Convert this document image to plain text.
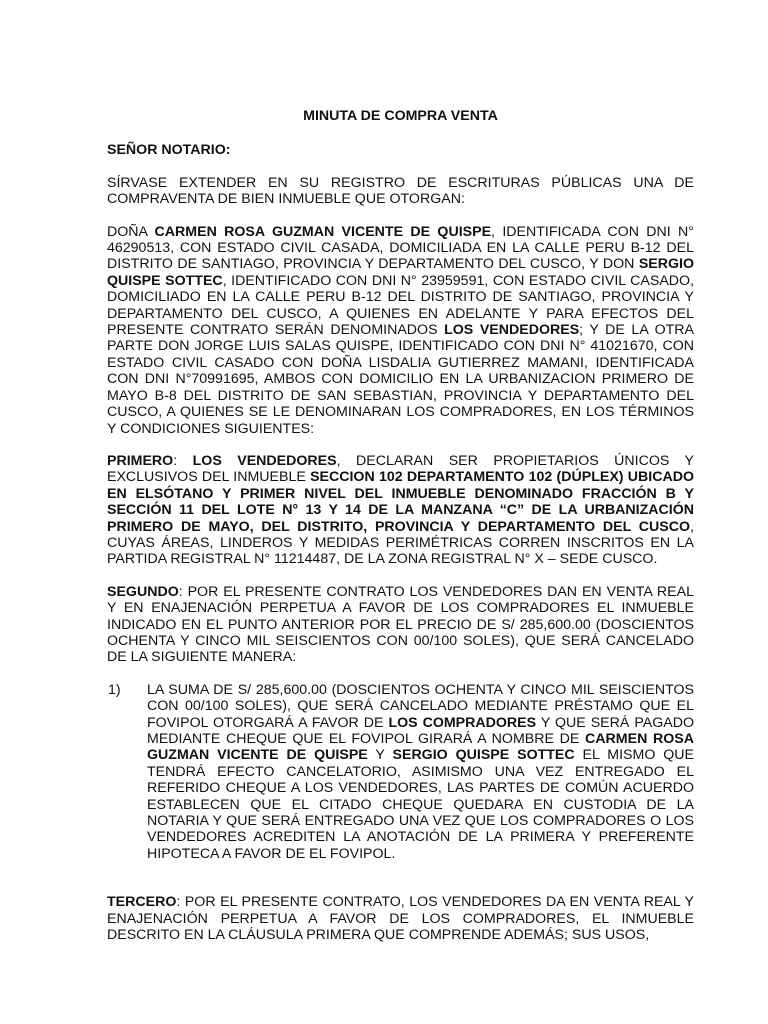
MINUTA DE COMPRA VENTA
SEÑOR NOTARIO:

SÍRVASE EXTENDER EN SU REGISTRO DE ESCRITURAS PÚBLICAS UNA DE COMPRAVENTA DE BIEN INMUEBLE QUE OTORGAN:

DOÑA CARMEN ROSA GUZMAN VICENTE DE QUISPE, IDENTIFICADA CON DNI N° 46290513, CON ESTADO CIVIL CASADA, DOMICILIADA EN LA CALLE PERU B-12 DEL DISTRITO DE SANTIAGO, PROVINCIA Y DEPARTAMENTO DEL CUSCO, Y DON SERGIO QUISPE SOTTEC, IDENTIFICADO CON DNI N° 23959591, CON ESTADO CIVIL CASADO, DOMICILIADO EN LA CALLE PERU B-12 DEL DISTRITO DE SANTIAGO, PROVINCIA Y DEPARTAMENTO DEL CUSCO, A QUIENES EN ADELANTE Y PARA EFECTOS DEL PRESENTE CONTRATO SERÁN DENOMINADOS LOS VENDEDORES; Y DE LA OTRA PARTE DON JORGE LUIS SALAS QUISPE, IDENTIFICADO CON DNI N° 41021670, CON ESTADO CIVIL CASADO CON DOÑA LISDALIA GUTIERREZ MAMANI, IDENTIFICADA CON DNI N°70991695, AMBOS CON DOMICILIO EN LA URBANIZACION PRIMERO DE MAYO B-8 DEL DISTRITO DE SAN SEBASTIAN, PROVINCIA Y DEPARTAMENTO DEL CUSCO, A QUIENES SE LE DENOMINARAN LOS COMPRADORES, EN LOS TÉRMINOS Y CONDICIONES SIGUIENTES:

PRIMERO: LOS VENDEDORES, DECLARAN SER PROPIETARIOS ÚNICOS Y EXCLUSIVOS DEL INMUEBLE SECCION 102 DEPARTAMENTO 102 (DÚPLEX) UBICADO EN ELSÓTANO Y PRIMER NIVEL DEL INMUEBLE DENOMINADO FRACCIÓN B Y SECCIÓN 11 DEL LOTE N° 13 Y 14 DE LA MANZANA “C” DE LA URBANIZACIÓN PRIMERO DE MAYO, DEL DISTRITO, PROVINCIA Y DEPARTAMENTO DEL CUSCO, CUYAS ÁREAS, LINDEROS Y MEDIDAS PERIMÉTRICAS CORREN INSCRITOS EN LA PARTIDA REGISTRAL N° 11214487, DE LA ZONA REGISTRAL N° X – SEDE CUSCO.

SEGUNDO: POR EL PRESENTE CONTRATO LOS VENDEDORES DAN EN VENTA REAL Y EN ENAJENACIÓN PERPETUA A FAVOR DE LOS COMPRADORES EL INMUEBLE INDICADO EN EL PUNTO ANTERIOR POR EL PRECIO DE S/ 285,600.00 (DOSCIENTOS OCHENTA Y CINCO MIL SEISCIENTOS CON 00/100 SOLES), QUE SERÁ CANCELADO DE LA SIGUIENTE MANERA:

1)	LA SUMA DE S/ 285,600.00 (DOSCIENTOS OCHENTA Y CINCO MIL SEISCIENTOS CON 00/100 SOLES), QUE SERÁ CANCELADO MEDIANTE PRÉSTAMO QUE EL FOVIPOL OTORGARÁ A FAVOR DE LOS COMPRADORES Y QUE SERÁ PAGADO MEDIANTE CHEQUE QUE EL FOVIPOL GIRARÁ A NOMBRE DE CARMEN ROSA GUZMAN VICENTE DE QUISPE Y SERGIO QUISPE SOTTEC EL MISMO QUE TENDRÁ EFECTO CANCELATORIO, ASIMISMO UNA VEZ ENTREGADO EL REFERIDO CHEQUE A LOS VENDEDORES, LAS PARTES DE COMÚN ACUERDO ESTABLECEN QUE EL CITADO CHEQUE QUEDARA EN CUSTODIA DE LA NOTARIA Y QUE SERÁ ENTREGADO UNA VEZ QUE LOS COMPRADORES O LOS VENDEDORES ACREDITEN LA ANOTACIÓN DE LA PRIMERA Y PREFERENTE HIPOTECA A FAVOR DE EL FOVIPOL.

TERCERO: POR EL PRESENTE CONTRATO, LOS VENDEDORES DA EN VENTA REAL Y ENAJENACIÓN PERPETUA A FAVOR DE LOS COMPRADORES, EL INMUEBLE DESCRITO EN LA CLÁUSULA PRIMERA QUE COMPRENDE ADEMÁS; SUS USOS,
